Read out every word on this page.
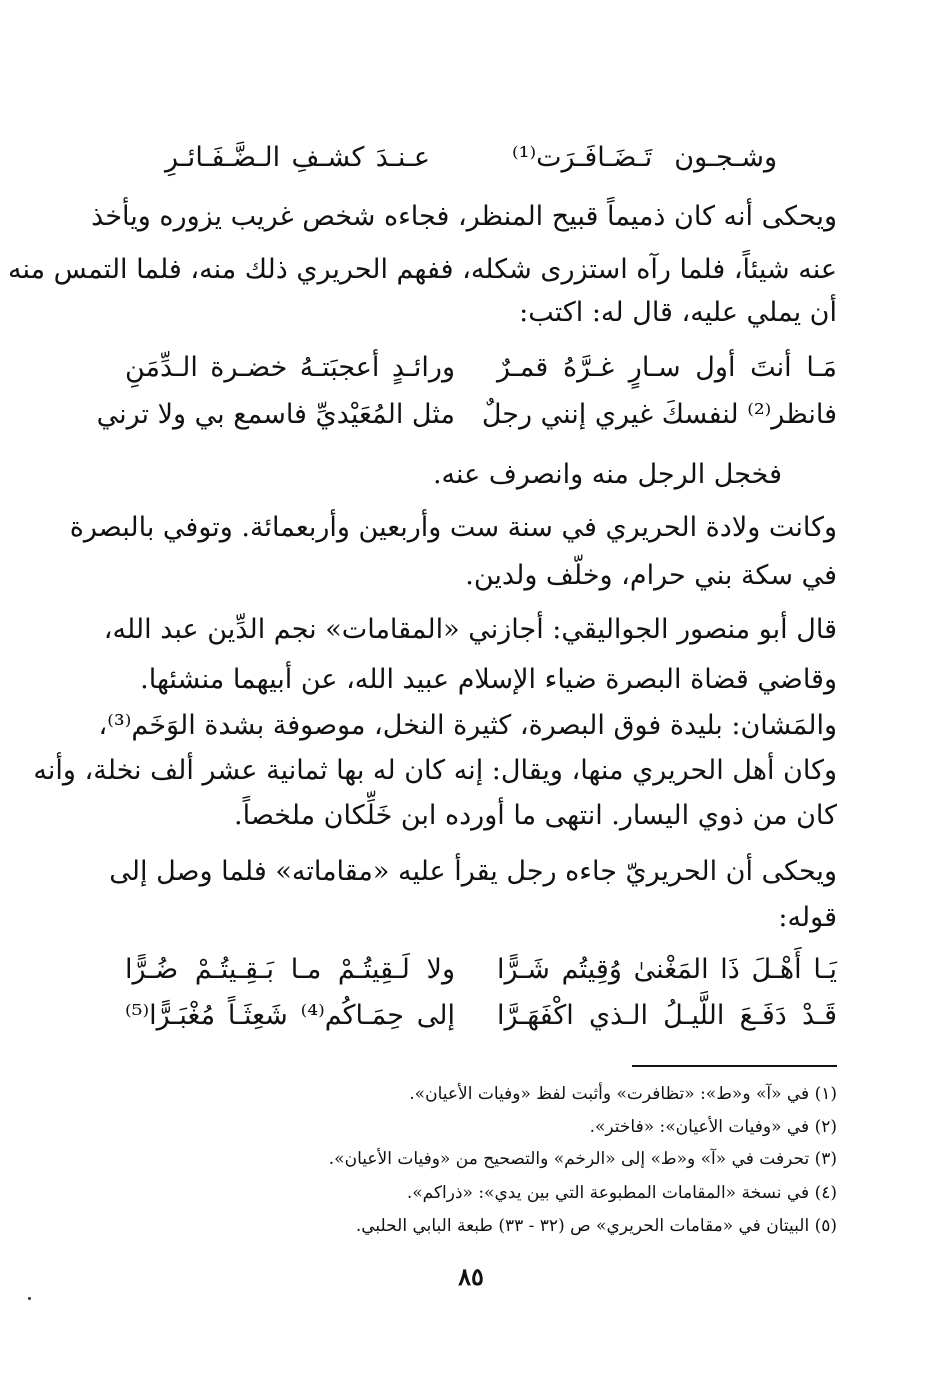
وشـجـون تَـضَـافَـرَت⁽¹⁾
عـنـدَ كشـفِ الـضَّـفَـائـرِ
ويحكى أنه كان ذميماً قبيح المنظر، فجاءه شخص غريب يزوره ويأخذ
عنه شيئاً، فلما رآه استزرى شكله، ففهم الحريري ذلك منه، فلما التمس منه
أن يملي عليه، قال له: اكتب:
مَـا أنتَ أول سـارٍ غـرَّهُ قمـرٌ
ورائـدٍ أعجبَتـهُ خضـرة الـدِّمَنِ
فانظر⁽²⁾ لنفسكَ غيري إنني رجلٌ
مثل المُعَيْديِّ فاسمع بي ولا ترني
فخجل الرجل منه وانصرف عنه.
وكانت ولادة الحريري في سنة ست وأربعين وأربعمائة. وتوفي بالبصرة
في سكة بني حرام، وخلّف ولدين.
قال أبو منصور الجواليقي: أجازني «المقامات» نجم الدِّين عبد الله،
وقاضي قضاة البصرة ضياء الإسلام عبيد الله، عن أبيهما منشئها.
والمَشان: بليدة فوق البصرة، كثيرة النخل، موصوفة بشدة الوَخَم⁽³⁾،
وكان أهل الحريري منها، ويقال: إنه كان له بها ثمانية عشر ألف نخلة، وأنه
كان من ذوي اليسار. انتهى ما أورده ابن خَلِّكان ملخصاً.
ويحكى أن الحريريّ جاءه رجل يقرأ عليه «مقاماته» فلما وصل إلى
قوله:
يَـا أَهْـلَ ذَا المَغْنىٰ وُقِيتُم شَـرًّا
ولا لَـقِيتُـمْ مـا بَـقِـيتُـمْ ضُـرًّا
قَـدْ دَفَـعَ اللَّيـلُ الـذي اكْفَهَـرَّا
إلى حِمَـاكُم⁽⁴⁾ شَعِثَـاً مُغْبَـرًّا⁽⁵⁾
(١) في «آ» و«ط»: «تظافرت» وأثبت لفظ «وفيات الأعيان».
(٢) في «وفيات الأعيان»: «فاختر».
(٣) تحرفت في «آ» و«ط» إلى «الرخم» والتصحيح من «وفيات الأعيان».
(٤) في نسخة «المقامات المطبوعة التي بين يدي»: «ذراكم».
(٥) البيتان في «مقامات الحريري» ص (٣٢ - ٣٣) طبعة البابي الحلبي.
٨٥
